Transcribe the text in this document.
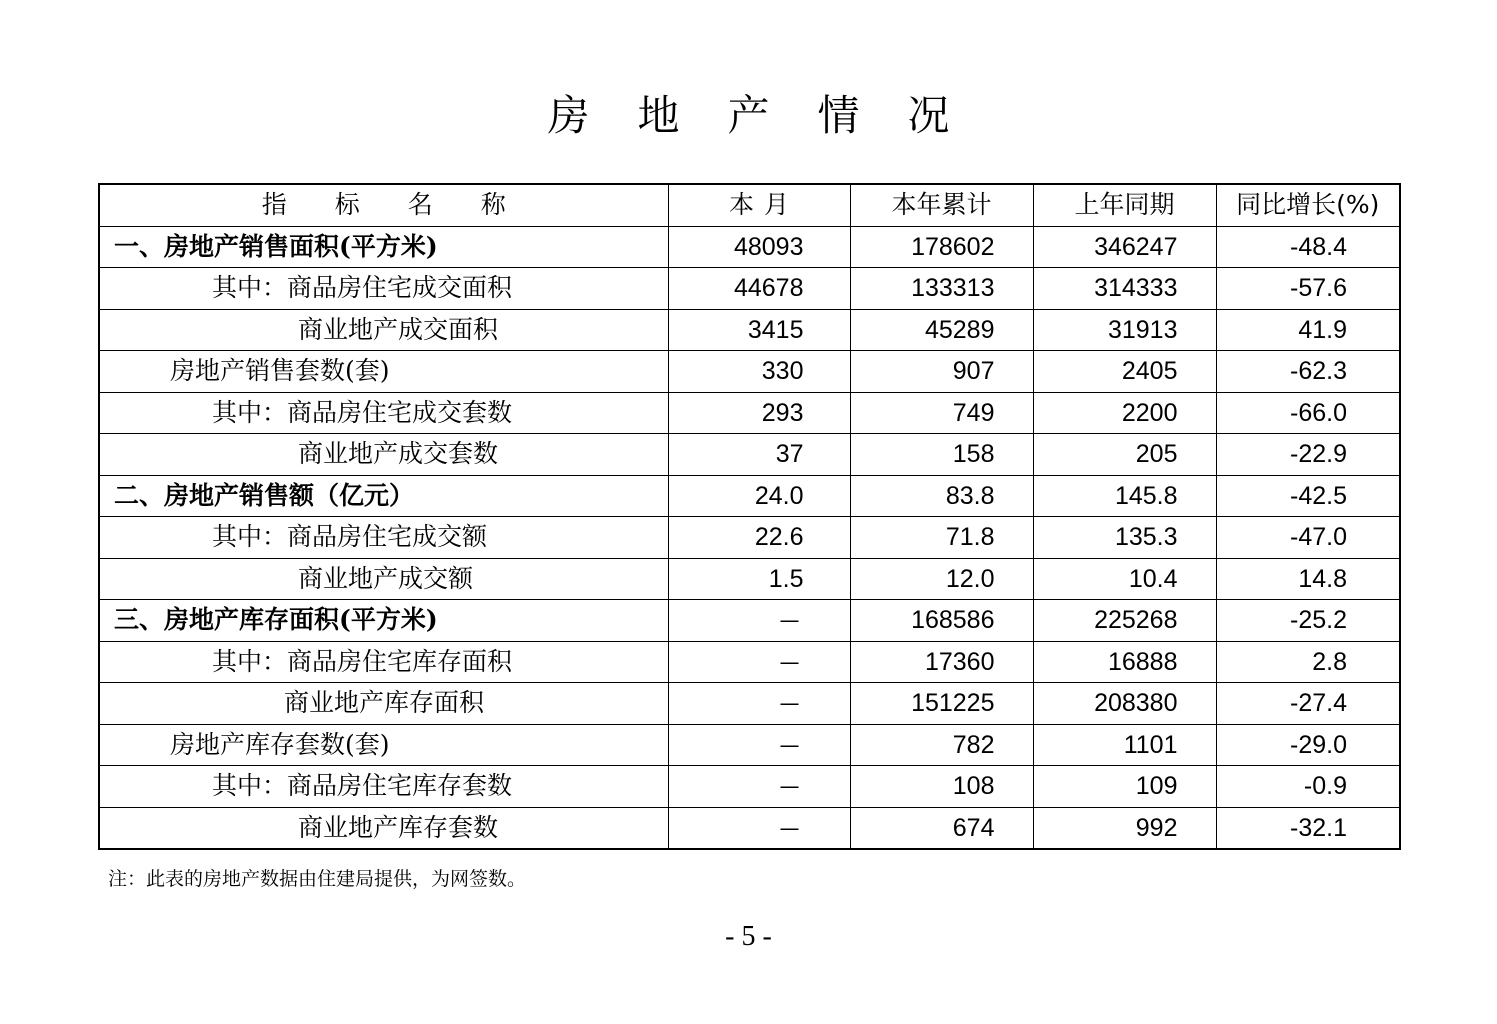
房地产情况
指标名称	本月	本年累计	上年同期	同比增长(%)
一、房地产销售面积(平方米)	48093	178602	346247	-48.4
其中：商品房住宅成交面积	44678	133313	314333	-57.6
商业地产成交面积	3415	45289	31913	41.9
房地产销售套数(套)	330	907	2405	-62.3
其中：商品房住宅成交套数	293	749	2200	-66.0
商业地产成交套数	37	158	205	-22.9
二、房地产销售额（亿元）	24.0	83.8	145.8	-42.5
其中：商品房住宅成交额	22.6	71.8	135.3	-47.0
商业地产成交额	1.5	12.0	10.4	14.8
三、房地产库存面积(平方米)	—	168586	225268	-25.2
其中：商品房住宅库存面积	—	17360	16888	2.8
商业地产库存面积	—	151225	208380	-27.4
房地产库存套数(套)	—	782	1101	-29.0
其中：商品房住宅库存套数	—	108	109	-0.9
商业地产库存套数	—	674	992	-32.1
注：此表的房地产数据由住建局提供，为网签数。
- 5 -
